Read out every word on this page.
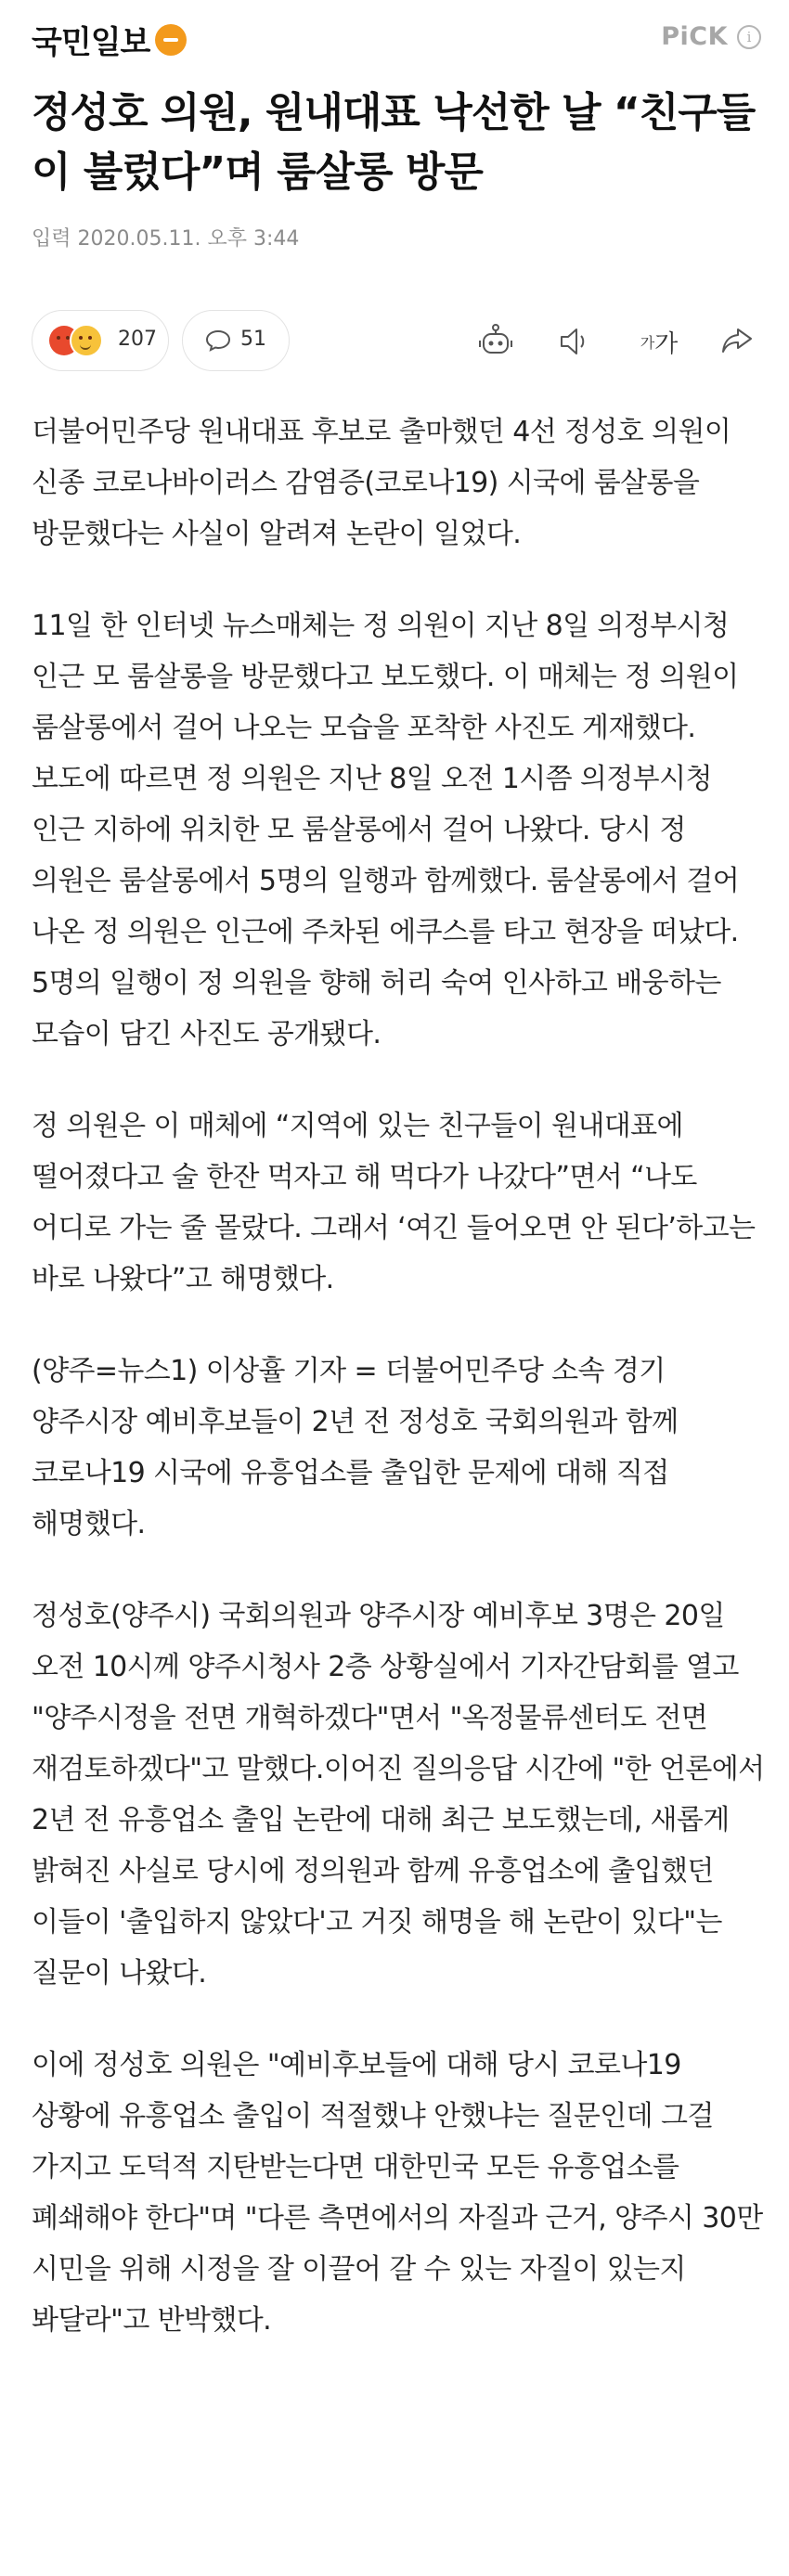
국민일보	PiCK	i
정성호 의원, 원내대표 낙선한 날 “친구들이 불렀다”며 룸살롱 방문
입력 2020.05.11. 오후 3:44
207	51	가 가

더불어민주당 원내대표 후보로 출마했던 4선 정성호 의원이 신종 코로나바이러스 감염증(코로나19) 시국에 룸살롱을 방문했다는 사실이 알려져 논란이 일었다.

11일 한 인터넷 뉴스매체는 정 의원이 지난 8일 의정부시청 인근 모 룸살롱을 방문했다고 보도했다. 이 매체는 정 의원이 룸살롱에서 걸어 나오는 모습을 포착한 사진도 게재했다.보도에 따르면 정 의원은 지난 8일 오전 1시쯤 의정부시청 인근 지하에 위치한 모 룸살롱에서 걸어 나왔다. 당시 정 의원은 룸살롱에서 5명의 일행과 함께했다. 룸살롱에서 걸어 나온 정 의원은 인근에 주차된 에쿠스를 타고 현장을 떠났다. 5명의 일행이 정 의원을 향해 허리 숙여 인사하고 배웅하는 모습이 담긴 사진도 공개됐다.

정 의원은 이 매체에 “지역에 있는 친구들이 원내대표에 떨어졌다고 술 한잔 먹자고 해 먹다가 나갔다”면서 “나도 어디로 가는 줄 몰랐다. 그래서 ‘여긴 들어오면 안 된다’하고는 바로 나왔다”고 해명했다.

(양주=뉴스1) 이상휼 기자 = 더불어민주당 소속 경기 양주시장 예비후보들이 2년 전 정성호 국회의원과 함께 코로나19 시국에 유흥업소를 출입한 문제에 대해 직접 해명했다.

정성호(양주시) 국회의원과 양주시장 예비후보 3명은 20일 오전 10시께 양주시청사 2층 상황실에서 기자간담회를 열고 "양주시정을 전면 개혁하겠다"면서 "옥정물류센터도 전면 재검토하겠다"고 말했다.이어진 질의응답 시간에 "한 언론에서 2년 전 유흥업소 출입 논란에 대해 최근 보도했는데, 새롭게 밝혀진 사실로 당시에 정의원과 함께 유흥업소에 출입했던 이들이 '출입하지 않았다'고 거짓 해명을 해 논란이 있다"는 질문이 나왔다.

이에 정성호 의원은 "예비후보들에 대해 당시 코로나19 상황에 유흥업소 출입이 적절했냐 안했냐는 질문인데 그걸 가지고 도덕적 지탄받는다면 대한민국 모든 유흥업소를 폐쇄해야 한다"며 "다른 측면에서의 자질과 근거, 양주시 30만 시민을 위해 시정을 잘 이끌어 갈 수 있는 자질이 있는지 봐달라"고 반박했다.
